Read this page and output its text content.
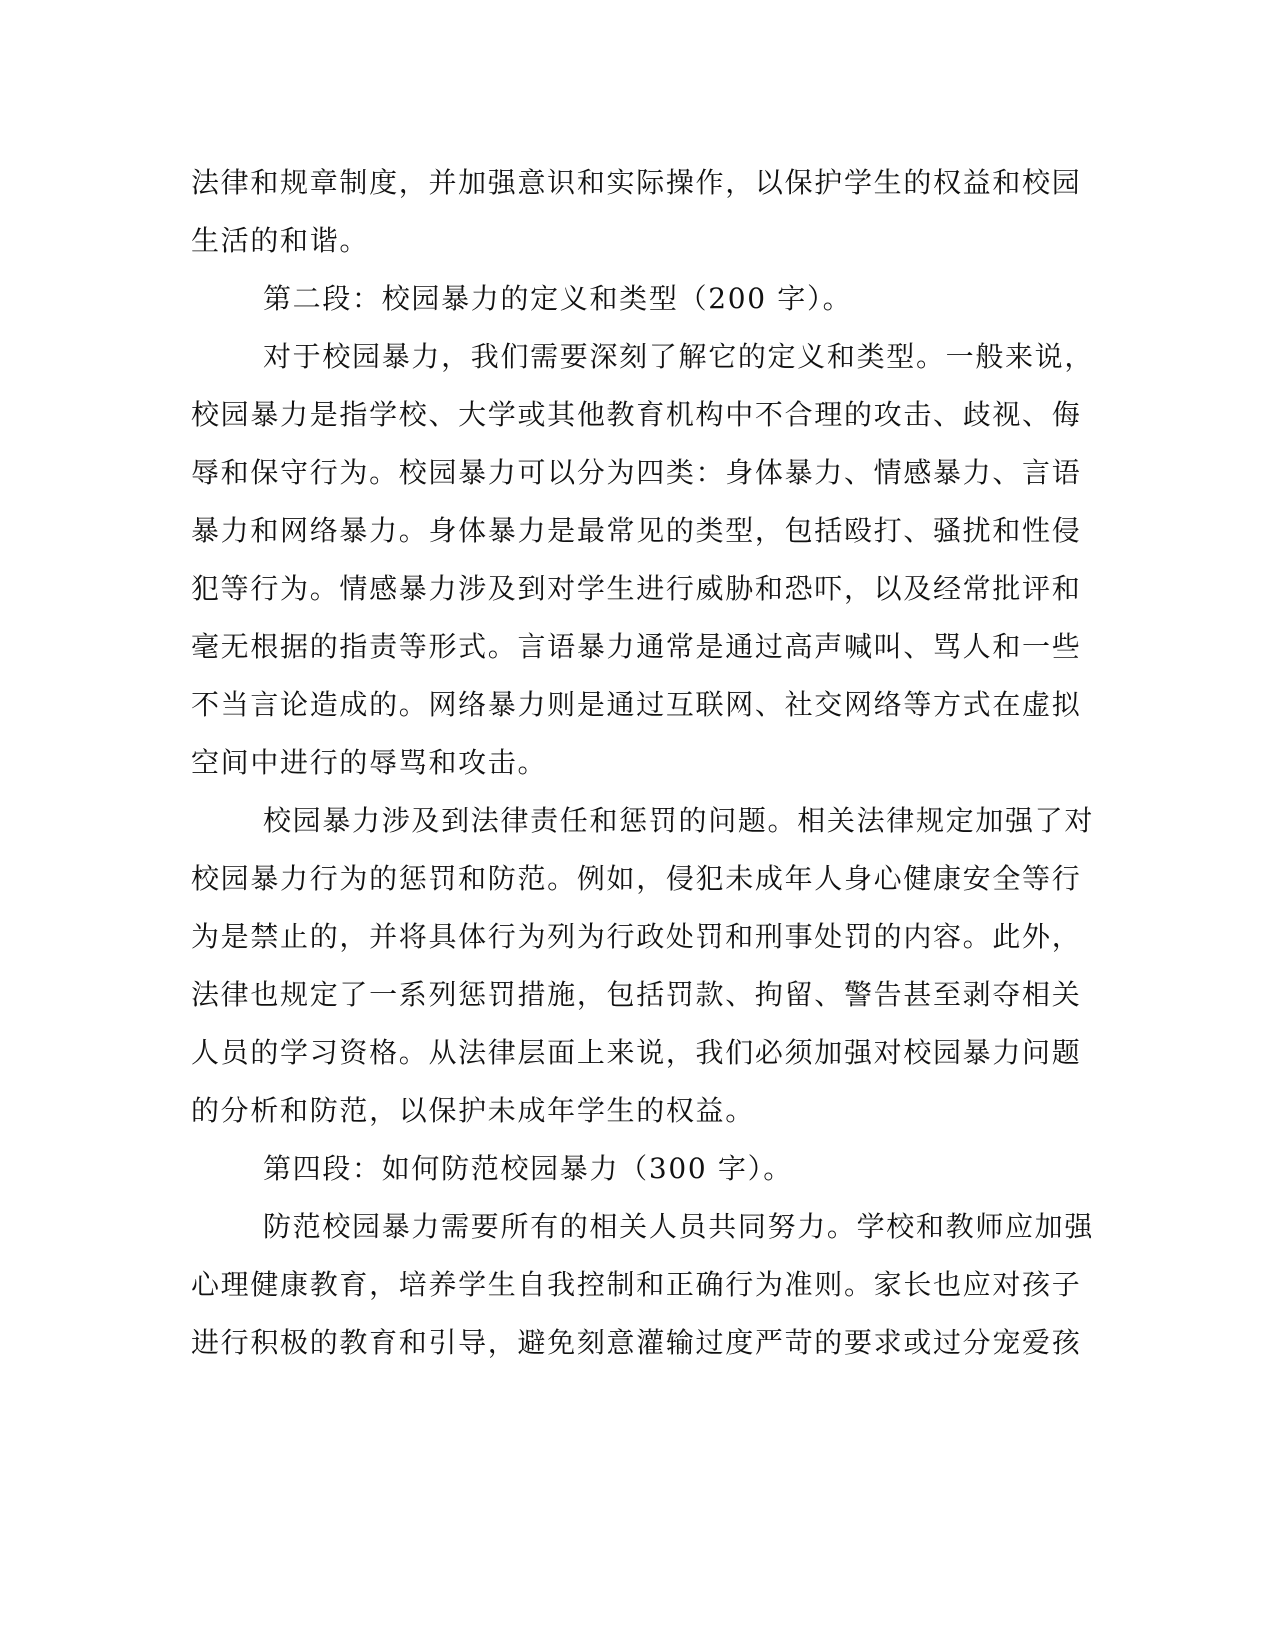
法律和规章制度，并加强意识和实际操作，以保护学生的权益和校园

生活的和谐。

第二段：校园暴力的定义和类型（200 字）。

对于校园暴力，我们需要深刻了解它的定义和类型。一般来说，

校园暴力是指学校、大学或其他教育机构中不合理的攻击、歧视、侮

辱和保守行为。校园暴力可以分为四类：身体暴力、情感暴力、言语

暴力和网络暴力。身体暴力是最常见的类型，包括殴打、骚扰和性侵

犯等行为。情感暴力涉及到对学生进行威胁和恐吓，以及经常批评和

毫无根据的指责等形式。言语暴力通常是通过高声喊叫、骂人和一些

不当言论造成的。网络暴力则是通过互联网、社交网络等方式在虚拟

空间中进行的辱骂和攻击。

校园暴力涉及到法律责任和惩罚的问题。相关法律规定加强了对

校园暴力行为的惩罚和防范。例如，侵犯未成年人身心健康安全等行

为是禁止的，并将具体行为列为行政处罚和刑事处罚的内容。此外，

法律也规定了一系列惩罚措施，包括罚款、拘留、警告甚至剥夺相关

人员的学习资格。从法律层面上来说，我们必须加强对校园暴力问题

的分析和防范，以保护未成年学生的权益。

第四段：如何防范校园暴力（300 字）。

防范校园暴力需要所有的相关人员共同努力。学校和教师应加强

心理健康教育，培养学生自我控制和正确行为准则。家长也应对孩子

进行积极的教育和引导，避免刻意灌输过度严苛的要求或过分宠爱孩
